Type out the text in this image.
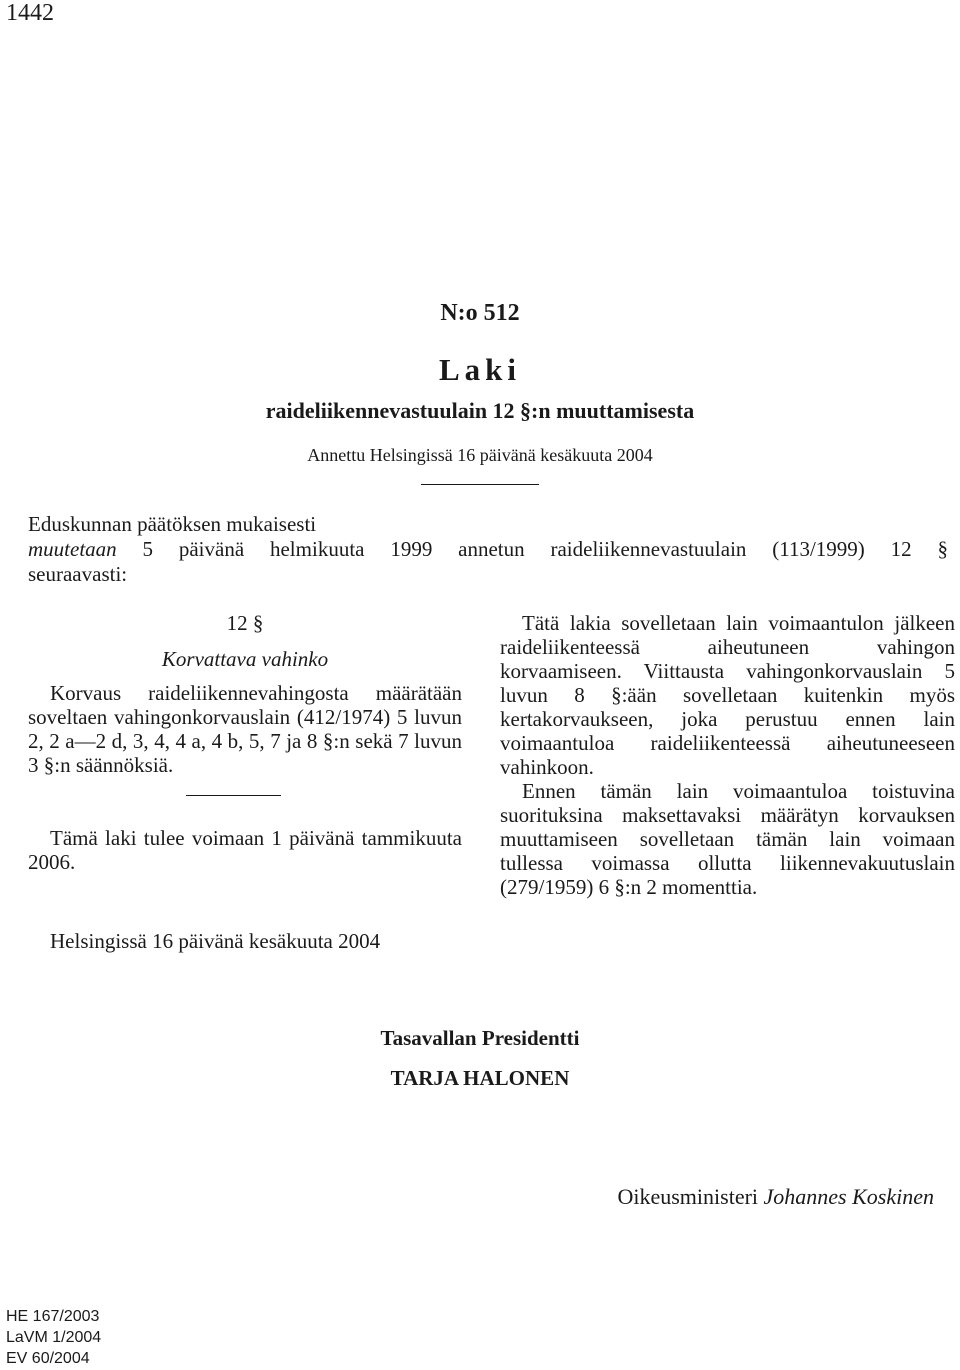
1442
N:o 512
Laki
raideliikennevastuulain 12 §:n muuttamisesta
Annettu Helsingissä 16 päivänä kesäkuuta 2004

Eduskunnan päätöksen mukaisesti

muutetaan 5 päivänä helmikuuta 1999 annetun raideliikennevastuulain (113/1999) 12 §

seuraavasti:

12 §

Korvattava vahinko

Korvaus raideliikennevahingosta määrätään soveltaen vahingonkorvauslain (412/1974) 5 luvun 2, 2 a—2 d, 3, 4, 4 a, 4 b, 5, 7 ja 8 §:n sekä 7 luvun 3 §:n säännöksiä.

Tämä laki tulee voimaan 1 päivänä tammikuuta 2006.

Tätä lakia sovelletaan lain voimaantulon jälkeen raideliikenteessä aiheutuneen vahingon korvaamiseen. Viittausta vahingonkorvauslain 5 luvun 8 §:ään sovelletaan kuitenkin myös kertakorvaukseen, joka perustuu ennen lain voimaantuloa raideliikenteessä aiheutuneeseen vahinkoon.

Ennen tämän lain voimaantuloa toistuvina suorituksina maksettavaksi määrätyn korvauksen muuttamiseen sovelletaan tämän lain voimaan tullessa voimassa ollutta liikennevakuutuslain (279/1959) 6 §:n 2 momenttia.

Helsingissä 16 päivänä kesäkuuta 2004
Tasavallan Presidentti
TARJA HALONEN
Oikeusministeri Johannes Koskinen
HE 167/2003
LaVM 1/2004
EV 60/2004
